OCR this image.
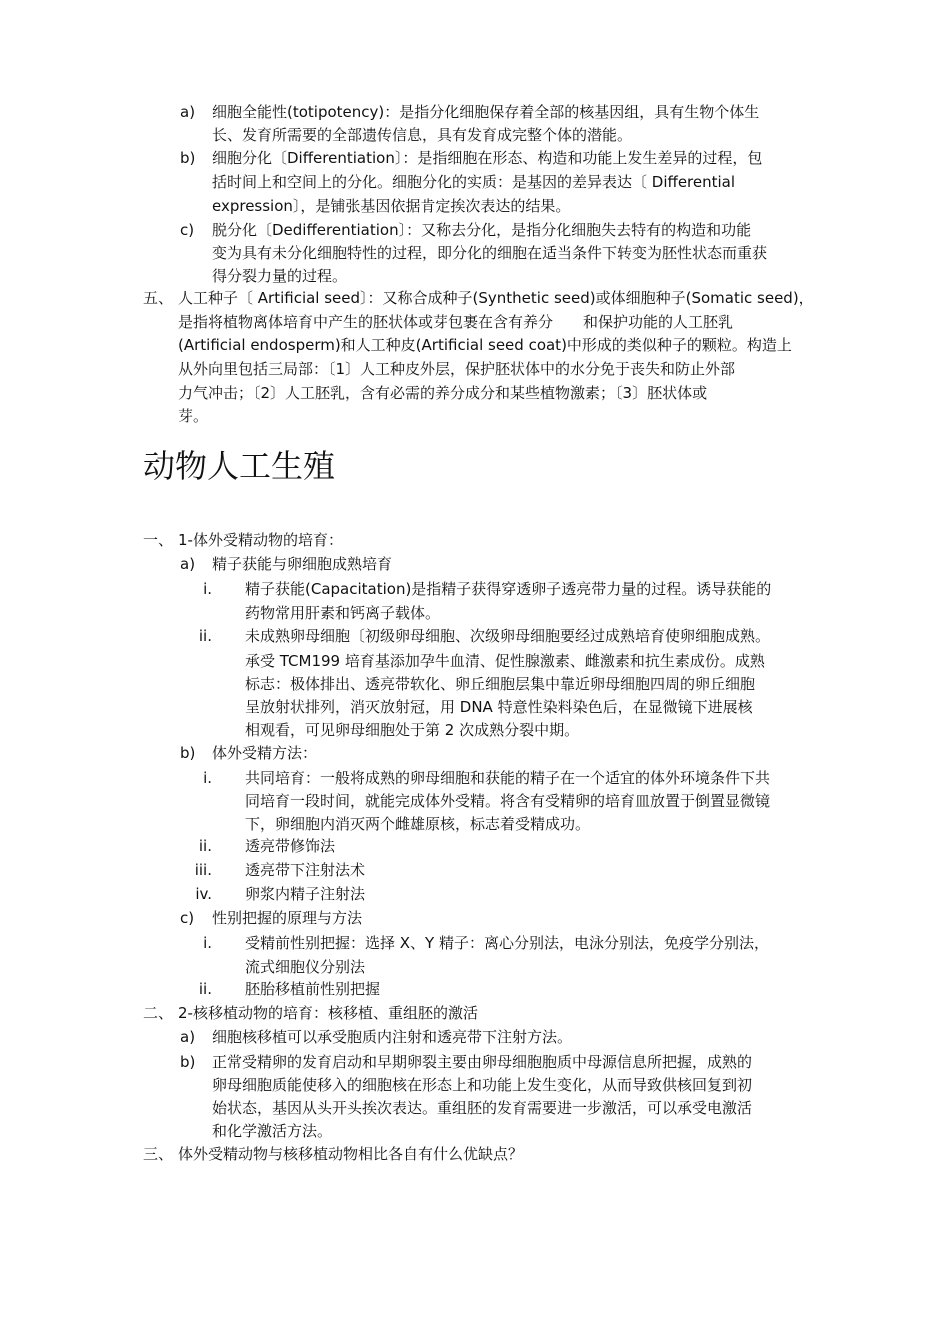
a) 细胞全能性(totipotency)：是指分化细胞保存着全部的核基因组，具有生物个体生
长、发育所需要的全部遗传信息，具有发育成完整个体的潜能。
b) 细胞分化〔Differentiation〕：是指细胞在形态、构造和功能上发生差异的过程，包
括时间上和空间上的分化。细胞分化的实质：是基因的差异表达〔 Differential
expression〕，是铺张基因依据肯定挨次表达的结果。
c) 脱分化〔Dedifferentiation〕：又称去分化，是指分化细胞失去特有的构造和功能
变为具有未分化细胞特性的过程，即分化的细胞在适当条件下转变为胚性状态而重获
得分裂力量的过程。
五、 人工种子〔 Artificial seed〕：又称合成种子(Synthetic seed)或体细胞种子(Somatic seed)，
是指将植物离体培育中产生的胚状体或芽包裹在含有养分　　和保护功能的人工胚乳
(Artificial endosperm)和人工种皮(Artificial seed coat)中形成的类似种子的颗粒。构造上
从外向里包括三局部：〔1〕人工种皮外层，保护胚状体中的水分免于丧失和防止外部
力气冲击；〔2〕人工胚乳，含有必需的养分成分和某些植物激素；〔3〕胚状体或
芽。
动物人工生殖
一、 1-体外受精动物的培育：
a) 精子获能与卵细胞成熟培育
i. 精子获能(Capacitation)是指精子获得穿透卵子透亮带力量的过程。诱导获能的
药物常用肝素和钙离子载体。
ii. 未成熟卵母细胞〔初级卵母细胞、次级卵母细胞要经过成熟培育使卵细胞成熟。
承受 TCM199 培育基添加孕牛血清、促性腺激素、雌激素和抗生素成份。成熟
标志：极体排出、透亮带软化、卵丘细胞层集中靠近卵母细胞四周的卵丘细胞
呈放射状排列，消灭放射冠，用 DNA 特意性染料染色后，在显微镜下进展核
相观看，可见卵母细胞处于第 2 次成熟分裂中期。
b) 体外受精方法：
i. 共同培育：一般将成熟的卵母细胞和获能的精子在一个适宜的体外环境条件下共
同培育一段时间，就能完成体外受精。将含有受精卵的培育皿放置于倒置显微镜
下，卵细胞内消灭两个雌雄原核，标志着受精成功。
ii. 透亮带修饰法
iii. 透亮带下注射法术
iv. 卵浆内精子注射法
c) 性别把握的原理与方法
i. 受精前性别把握：选择 X、Y 精子：离心分别法，电泳分别法，免疫学分别法，
流式细胞仪分别法
ii. 胚胎移植前性别把握
二、 2-核移植动物的培育：核移植、重组胚的激活
a) 细胞核移植可以承受胞质内注射和透亮带下注射方法。
b) 正常受精卵的发育启动和早期卵裂主要由卵母细胞胞质中母源信息所把握，成熟的
卵母细胞质能使移入的细胞核在形态上和功能上发生变化，从而导致供核回复到初
始状态，基因从头开头挨次表达。重组胚的发育需要进一步激活，可以承受电激活
和化学激活方法。
三、 体外受精动物与核移植动物相比各自有什么优缺点？
